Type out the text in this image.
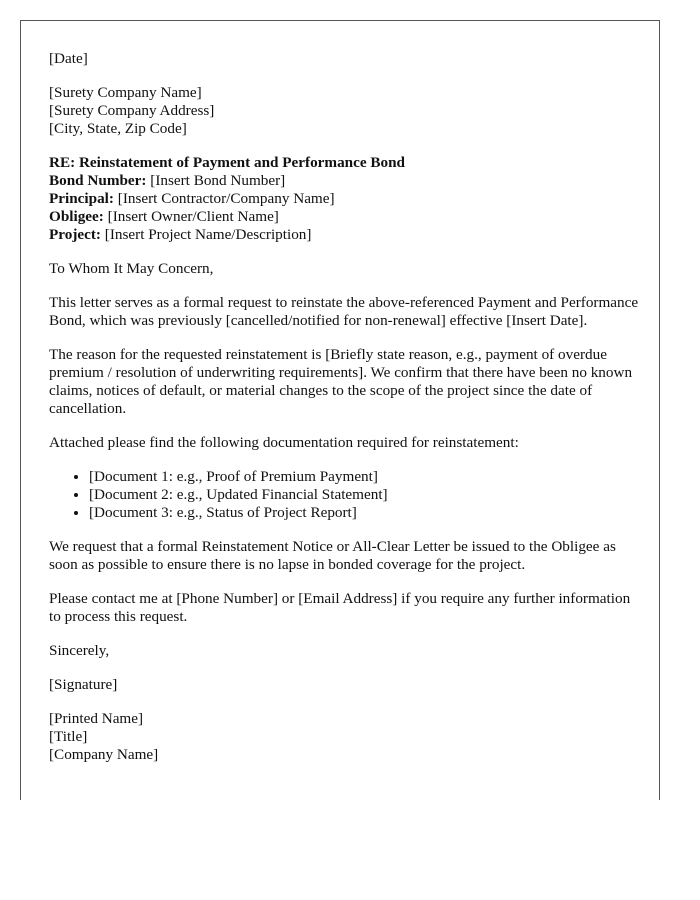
[Date]
[Surety Company Name]
[Surety Company Address]
[City, State, Zip Code]
RE: Reinstatement of Payment and Performance Bond
Bond Number: [Insert Bond Number]
Principal: [Insert Contractor/Company Name]
Obligee: [Insert Owner/Client Name]
Project: [Insert Project Name/Description]

To Whom It May Concern,

This letter serves as a formal request to reinstate the above-referenced Payment and Performance Bond, which was previously [cancelled/notified for non-renewal] effective [Insert Date].

The reason for the requested reinstatement is [Briefly state reason, e.g., payment of overdue premium / resolution of underwriting requirements]. We confirm that there have been no known claims, notices of default, or material changes to the scope of the project since the date of cancellation.

Attached please find the following documentation required for reinstatement:

• [Document 1: e.g., Proof of Premium Payment]
• [Document 2: e.g., Updated Financial Statement]
• [Document 3: e.g., Status of Project Report]

We request that a formal Reinstatement Notice or All-Clear Letter be issued to the Obligee as soon as possible to ensure there is no lapse in bonded coverage for the project.

Please contact me at [Phone Number] or [Email Address] if you require any further information to process this request.

Sincerely,

[Signature]

[Printed Name]
[Title]
[Company Name]
